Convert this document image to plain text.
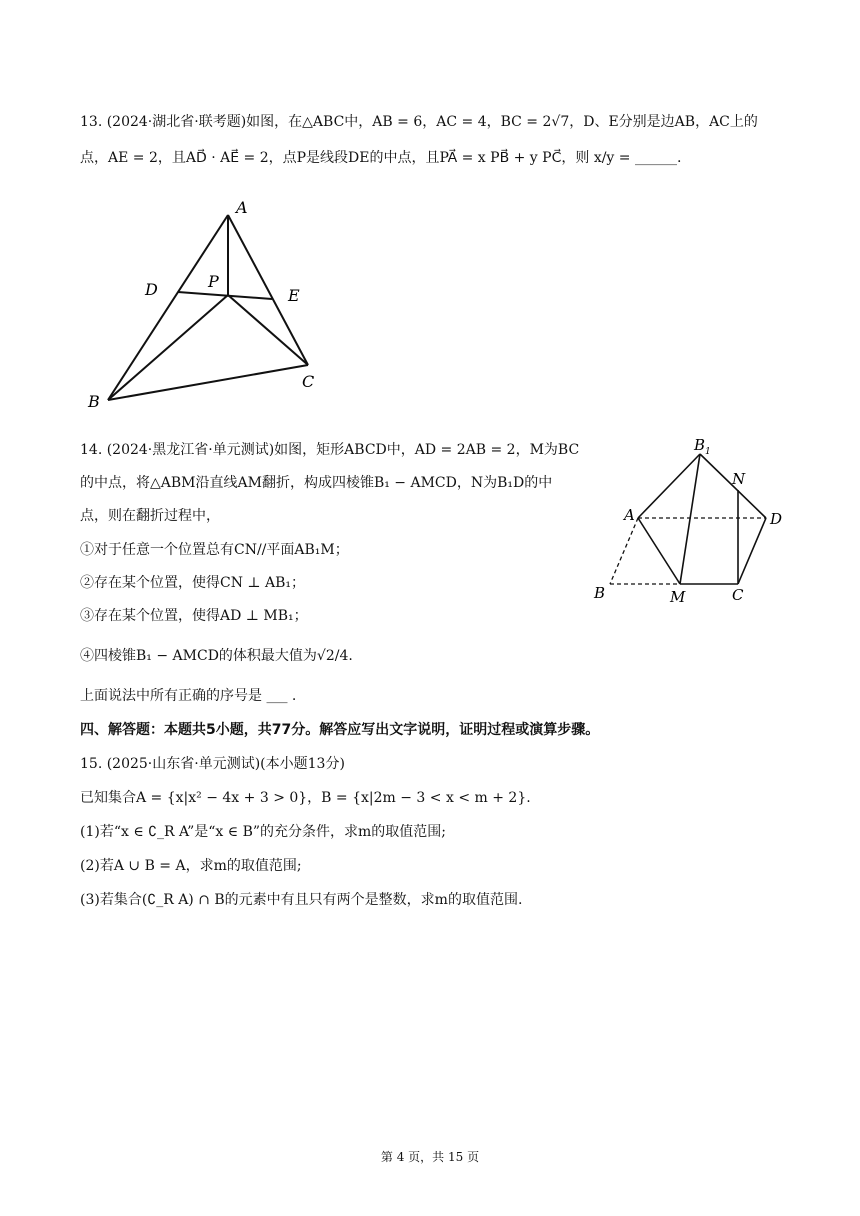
13. (2024·湖北省·联考题)如图，在△ABC中，AB = 6，AC = 4，BC = 2√7，D、E分别是边AB，AC上的
点，AE = 2，且AD⃗ · AE⃗ = 2，点P是线段DE的中点，且PA⃗ = x PB⃗ + y PC⃗，则 x/y = ______.
A
D	P
E
B
C
14. (2024·黑龙江省·单元测试)如图，矩形ABCD中，AD = 2AB = 2，M为BC
的中点，将△ABM沿直线AM翻折，构成四棱锥B₁ − AMCD，N为B₁D的中
点，则在翻折过程中，
①对于任意一个位置总有CN//平面AB₁M；
②存在某个位置，使得CN ⊥ AB₁；
③存在某个位置，使得AD ⊥ MB₁；
④四棱锥B₁ − AMCD的体积最大值为√2/4.
上面说法中所有正确的序号是 ___ .
$B_1$
N
A	D
B	M	C
四、解答题：本题共5小题，共77分。解答应写出文字说明，证明过程或演算步骤。
15. (2025·山东省·单元测试)(本小题13分)
已知集合A = {x|x² − 4x + 3 > 0}，B = {x|2m − 3 < x < m + 2}.
(1)若“x ∈ ∁_R A”是“x ∈ B”的充分条件，求m的取值范围;
(2)若A ∪ B = A，求m的取值范围;
(3)若集合(∁_R A) ∩ B的元素中有且只有两个是整数，求m的取值范围.
第 4 页，共 15 页
